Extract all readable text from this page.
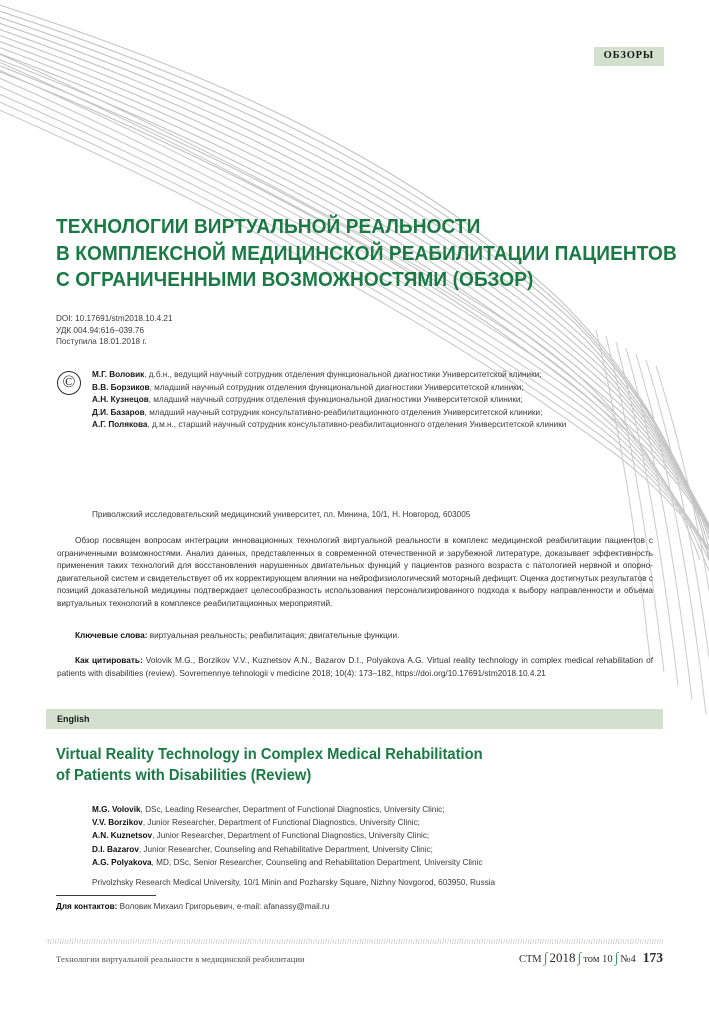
ОБЗОРЫ
ТЕХНОЛОГИИ ВИРТУАЛЬНОЙ РЕАЛЬНОСТИ
В КОМПЛЕКСНОЙ МЕДИЦИНСКОЙ РЕАБИЛИТАЦИИ ПАЦИЕНТОВ
С ОГРАНИЧЕННЫМИ ВОЗМОЖНОСТЯМИ (ОБЗОР)
DOI: 10.17691/stm2018.10.4.21
УДК 004.94:616–039.76
Поступила 18.01.2018 г.
©	М.Г. Воловик, д.б.н., ведущий научный сотрудник отделения функциональной диагностики Университетской клиники;
В.В. Борзиков, младший научный сотрудник отделения функциональной диагностики Университетской клиники;
А.Н. Кузнецов, младший научный сотрудник отделения функциональной диагностики Университетской клиники;
Д.И. Базаров, младший научный сотрудник консультативно-реабилитационного отделения Университетской клиники;
А.Г. Полякова, д.м.н., старший научный сотрудник консультативно-реабилитационного отделения Университетской клиники
Приволжский исследовательский медицинский университет, пл. Минина, 10/1, Н. Новгород, 603005

Обзор посвящен вопросам интеграции инновационных технологий виртуальной реальности в комплекс медицинской реабилитации пациентов с ограниченными возможностями. Анализ данных, представленных в современной отечественной и зарубежной литературе, доказывает эффективность применения таких технологий для восстановления нарушенных двигательных функций у пациентов разного возраста с патологией нервной и опорно-двигательной систем и свидетельствует об их корректирующем влиянии на нейрофизиологический моторный дефицит. Оценка достигнутых результатов с позиций доказательной медицины подтверждает целесообразность использования персонализированного подхода к выбору направленности и объема виртуальных технологий в комплексе реабилитационных мероприятий.

Ключевые слова: виртуальная реальность; реабилитация; двигательные функции.
Как цитировать: Volovik M.G., Borzikov V.V., Kuznetsov A.N., Bazarov D.I., Polyakova A.G. Virtual reality technology in complex medical rehabilitation of patients with disabilities (review). Sovremennye tehnologii v medicine 2018; 10(4): 173–182, https://doi.org/10.17691/stm2018.10.4.21
English
Virtual Reality Technology in Complex Medical Rehabilitation
of Patients with Disabilities (Review)
M.G. Volovik, DSc, Leading Researcher, Department of Functional Diagnostics, University Clinic;
V.V. Borzikov, Junior Researcher, Department of Functional Diagnostics, University Clinic;
A.N. Kuznetsov, Junior Researcher, Department of Functional Diagnostics, University Clinic;
D.I. Bazarov, Junior Researcher, Counseling and Rehabilitative Department, University Clinic;
A.G. Polyakova, MD, DSc, Senior Researcher, Counseling and Rehabilitation Department, University Clinic
Privolzhsky Research Medical University, 10/1 Minin and Pozharsky Square, Nizhny Novgorod, 603950, Russia
Для контактов: Воловик Михаил Григорьевич, e-mail: afanassy@mail.ru
Технологии виртуальной реальности в медицинской реабилитации	СТМ ∫ 2018 ∫ том 10 ∫ №4 173
